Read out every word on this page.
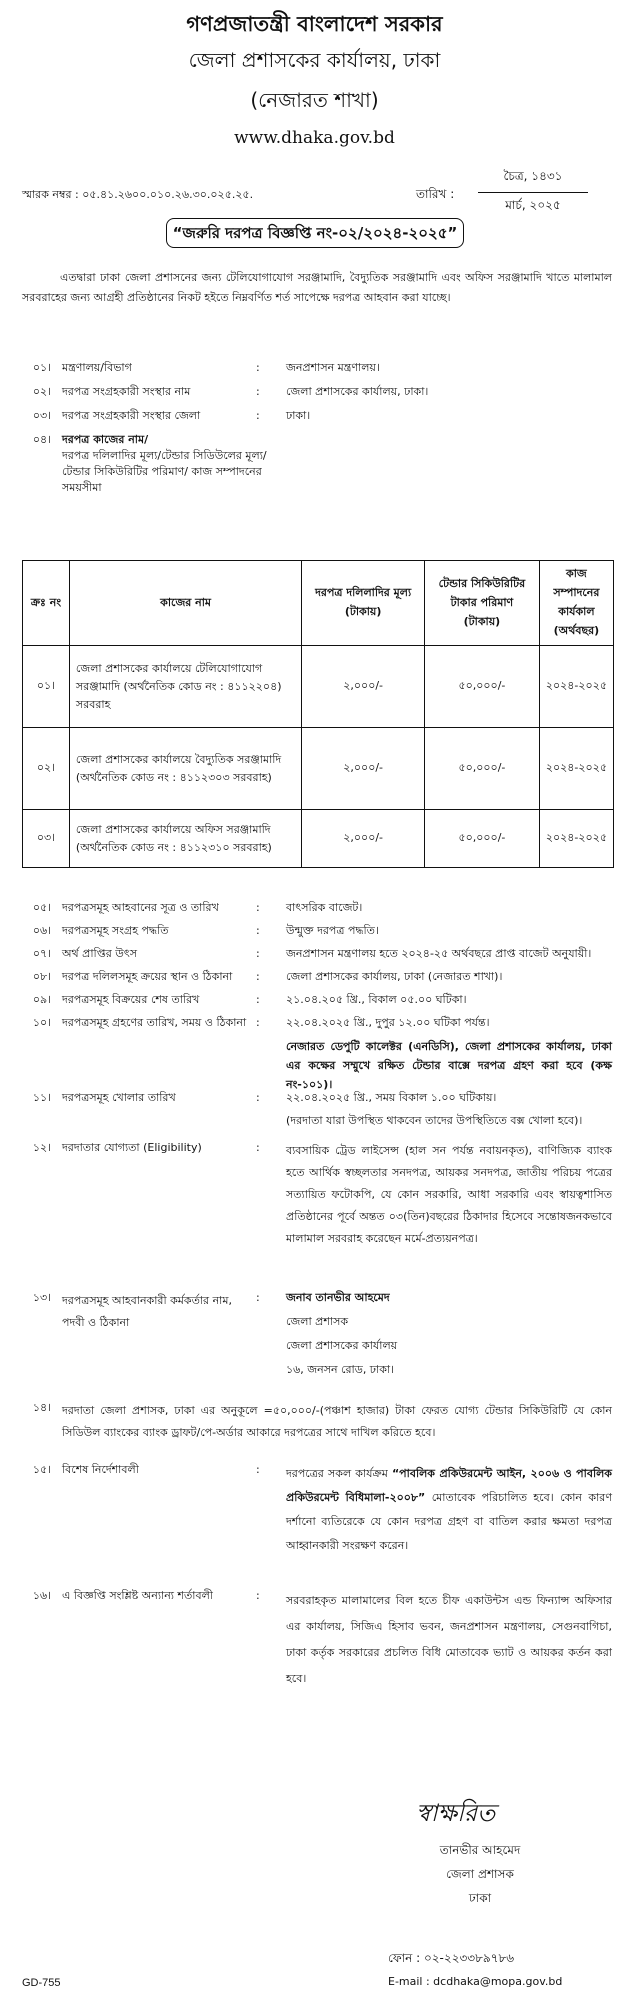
গণপ্রজাতন্ত্রী বাংলাদেশ সরকার
জেলা প্রশাসকের কার্যালয়, ঢাকা
(নেজারত শাখা)
www.dhaka.gov.bd
স্মারক নম্বর : ০৫.৪১.২৬০০.০১০.২৬.৩০.০২৫.২৫.	তারিখ :
চৈত্র, ১৪৩১
মার্চ, ২০২৫
“জরুরি দরপত্র বিজ্ঞপ্তি নং-০২/২০২৪-২০২৫”
এতদ্বারা ঢাকা জেলা প্রশাসনের জন্য টেলিযোগাযোগ সরঞ্জামাদি, বৈদ্যুতিক সরঞ্জামাদি এবং অফিস সরঞ্জামাদি খাতে মালামাল সরবরাহের জন্য আগ্রহী প্রতিষ্ঠানের নিকট হইতে নিম্নবর্ণিত শর্ত সাপেক্ষে দরপত্র আহবান করা যাচ্ছে।
০১। মন্ত্রণালয়/বিভাগ	:	জনপ্রশাসন মন্ত্রণালয়।
০২। দরপত্র সংগ্রহকারী সংস্থার নাম	:	জেলা প্রশাসকের কার্যালয়, ঢাকা।
০৩। দরপত্র সংগ্রহকারী সংস্থার জেলা	:	ঢাকা।
০৪। দরপত্র কাজের নাম/
দরপত্র দলিলাদির মূল্য/টেন্ডার সিডিউলের মূল্য/টেন্ডার সিকিউরিটির পরিমাণ/ কাজ সম্পাদনের সময়সীমা
ক্রঃ নং	কাজের নাম	দরপত্র দলিলাদির মূল্য (টাকায়)	টেন্ডার সিকিউরিটির টাকার পরিমাণ (টাকায়)	কাজ সম্পাদনের কার্যকাল (অর্থবছর)
০১।	জেলা প্রশাসকের কার্যালয়ে টেলিযোগাযোগ সরঞ্জামাদি (অর্থনৈতিক কোড নং : ৪১১২২০৪) সরবরাহ	২,০০০/-	৫০,০০০/-	২০২৪-২০২৫
০২।	জেলা প্রশাসকের কার্যালয়ে বৈদ্যুতিক সরঞ্জামাদি (অর্থনৈতিক কোড নং : ৪১১২৩০৩ সরবরাহ)	২,০০০/-	৫০,০০০/-	২০২৪-২০২৫
০৩।	জেলা প্রশাসকের কার্যালয়ে অফিস সরঞ্জামাদি (অর্থনৈতিক কোড নং : ৪১১২৩১০ সরবরাহ)	২,০০০/-	৫০,০০০/-	২০২৪-২০২৫
০৫। দরপত্রসমূহ আহবানের সূত্র ও তারিখ	:	বাৎসরিক বাজেট।
০৬। দরপত্রসমূহ সংগ্রহ পদ্ধতি	:	উন্মুক্ত দরপত্র পদ্ধতি।
০৭। অর্থ প্রাপ্তির উৎস	:	জনপ্রশাসন মন্ত্রণালয় হতে ২০২৪-২৫ অর্থবছরে প্রাপ্ত বাজেট অনুযায়ী।
০৮। দরপত্র দলিলসমূহ ক্রয়ের স্থান ও ঠিকানা	:	জেলা প্রশাসকের কার্যালয়, ঢাকা (নেজারত শাখা)।
০৯। দরপত্রসমূহ বিক্রয়ের শেষ তারিখ	:	২১.০৪.২০৫ খ্রি., বিকাল ০৫.০০ ঘটিকা।
১০। দরপত্রসমূহ গ্রহণের তারিখ, সময় ও ঠিকানা :	২২.০৪.২০২৫ খ্রি., দুপুর ১২.০০ ঘটিকা পর্যন্ত।
নেজারত ডেপুটি কালেক্টর (এনডিসি), জেলা প্রশাসকের কার্যালয়, ঢাকা এর কক্ষের সম্মুখে রক্ষিত টেন্ডার বাক্সে দরপত্র গ্রহণ করা হবে (কক্ষ নং-১০১)।
১১। দরপত্রসমূহ খোলার তারিখ	:	২২.০৪.২০২৫ খ্রি., সময় বিকাল ১.০০ ঘটিকায়।
(দরদাতা যারা উপস্থিত থাকবেন তাদের উপস্থিতিতে বক্স খোলা হবে)।
১২। দরদাতার যোগ্যতা (Eligibility)	:	ব্যবসায়িক ট্রেড লাইসেন্স (হাল সন পর্যন্ত নবায়নকৃত), বাণিজ্যিক ব্যাংক হতে আর্থিক স্বচ্ছলতার সনদপত্র, আয়কর সনদপত্র, জাতীয় পরিচয় পত্রের সত্যায়িত ফটোকপি, যে কোন সরকারি, আধা সরকারি এবং স্বায়ত্বশাসিত প্রতিষ্ঠানের পূর্বে অন্তত ০৩(তিন)বছরের ঠিকাদার হিসেবে সন্তোষজনকভাবে মালামাল সরবরাহ করেছেন মর্মে-প্রত্যয়নপত্র।
১৩। দরপত্রসমূহ আহবানকারী কর্মকর্তার নাম, পদবী ও ঠিকানা
:	জনাব তানভীর আহমেদ
জেলা প্রশাসক
জেলা প্রশাসকের কার্যালয়
১৬, জনসন রোড, ঢাকা।
১৪। দরদাতা জেলা প্রশাসক, ঢাকা এর অনুকূলে =৫০,০০০/-(পঞ্চাশ হাজার) টাকা ফেরত যোগ্য টেন্ডার সিকিউরিটি যে কোন সিডিউল ব্যাংকের ব্যাংক ড্রাফট/পে-অর্ডার আকারে দরপত্রের সাথে দাখিল করিতে হবে।
১৫। বিশেষ নির্দেশাবলী	:	দরপত্রের সকল কার্যক্রম “পাবলিক প্রকিউরমেন্ট আইন, ২০০৬ ও পাবলিক প্রকিউরমেন্ট বিধিমালা-২০০৮” মোতাবেক পরিচালিত হবে। কোন কারণ দর্শানো ব্যতিরেকে যে কোন দরপত্র গ্রহণ বা বাতিল করার ক্ষমতা দরপত্র আহ্বানকারী সংরক্ষণ করেন।
১৬। এ বিজ্ঞপ্তি সংশ্লিষ্ট অন্যান্য শর্তাবলী	:	সরবরাহকৃত মালামালের বিল হতে চীফ একাউন্টস এন্ড ফিন্যান্স অফিসার এর কার্যালয়, সিজিএ হিসাব ভবন, জনপ্রশাসন মন্ত্রণালয়, সেগুনবাগিচা, ঢাকা কর্তৃক সরকারের প্রচলিত বিধি মোতাবেক ভ্যাট ও আয়কর কর্তন করা হবে।
স্বাক্ষরিত
তানভীর আহমেদ
জেলা প্রশাসক
ঢাকা
ফোন : ০২-২২৩৩৮৯৭৮৬
E-mail : dcdhaka@mopa.gov.bd
GD-755
